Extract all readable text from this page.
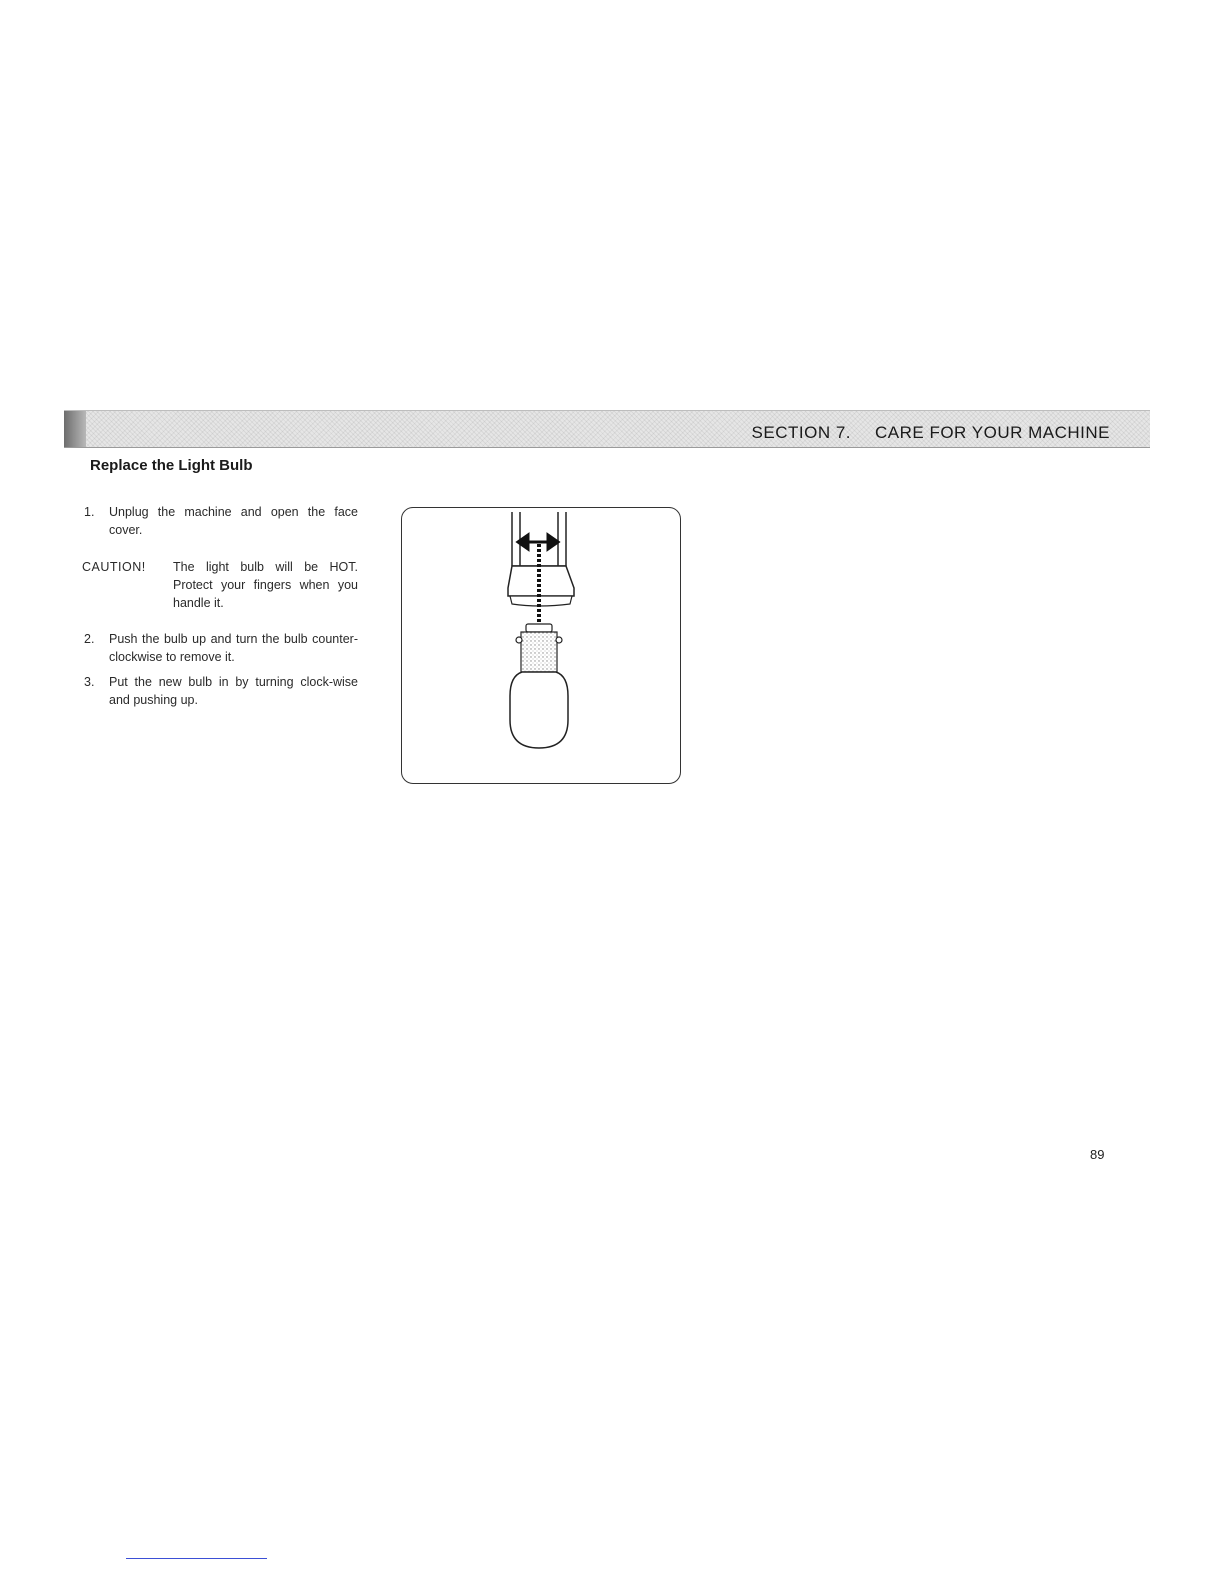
SECTION 7. CARE FOR YOUR MACHINE
Replace the Light Bulb
1. Unplug the machine and open the face cover.
CAUTION! The light bulb will be HOT. Protect your fingers when you handle it.
2. Push the bulb up and turn the bulb counter-clockwise to remove it.
3. Put the new bulb in by turning clock-wise and pushing up.
89
